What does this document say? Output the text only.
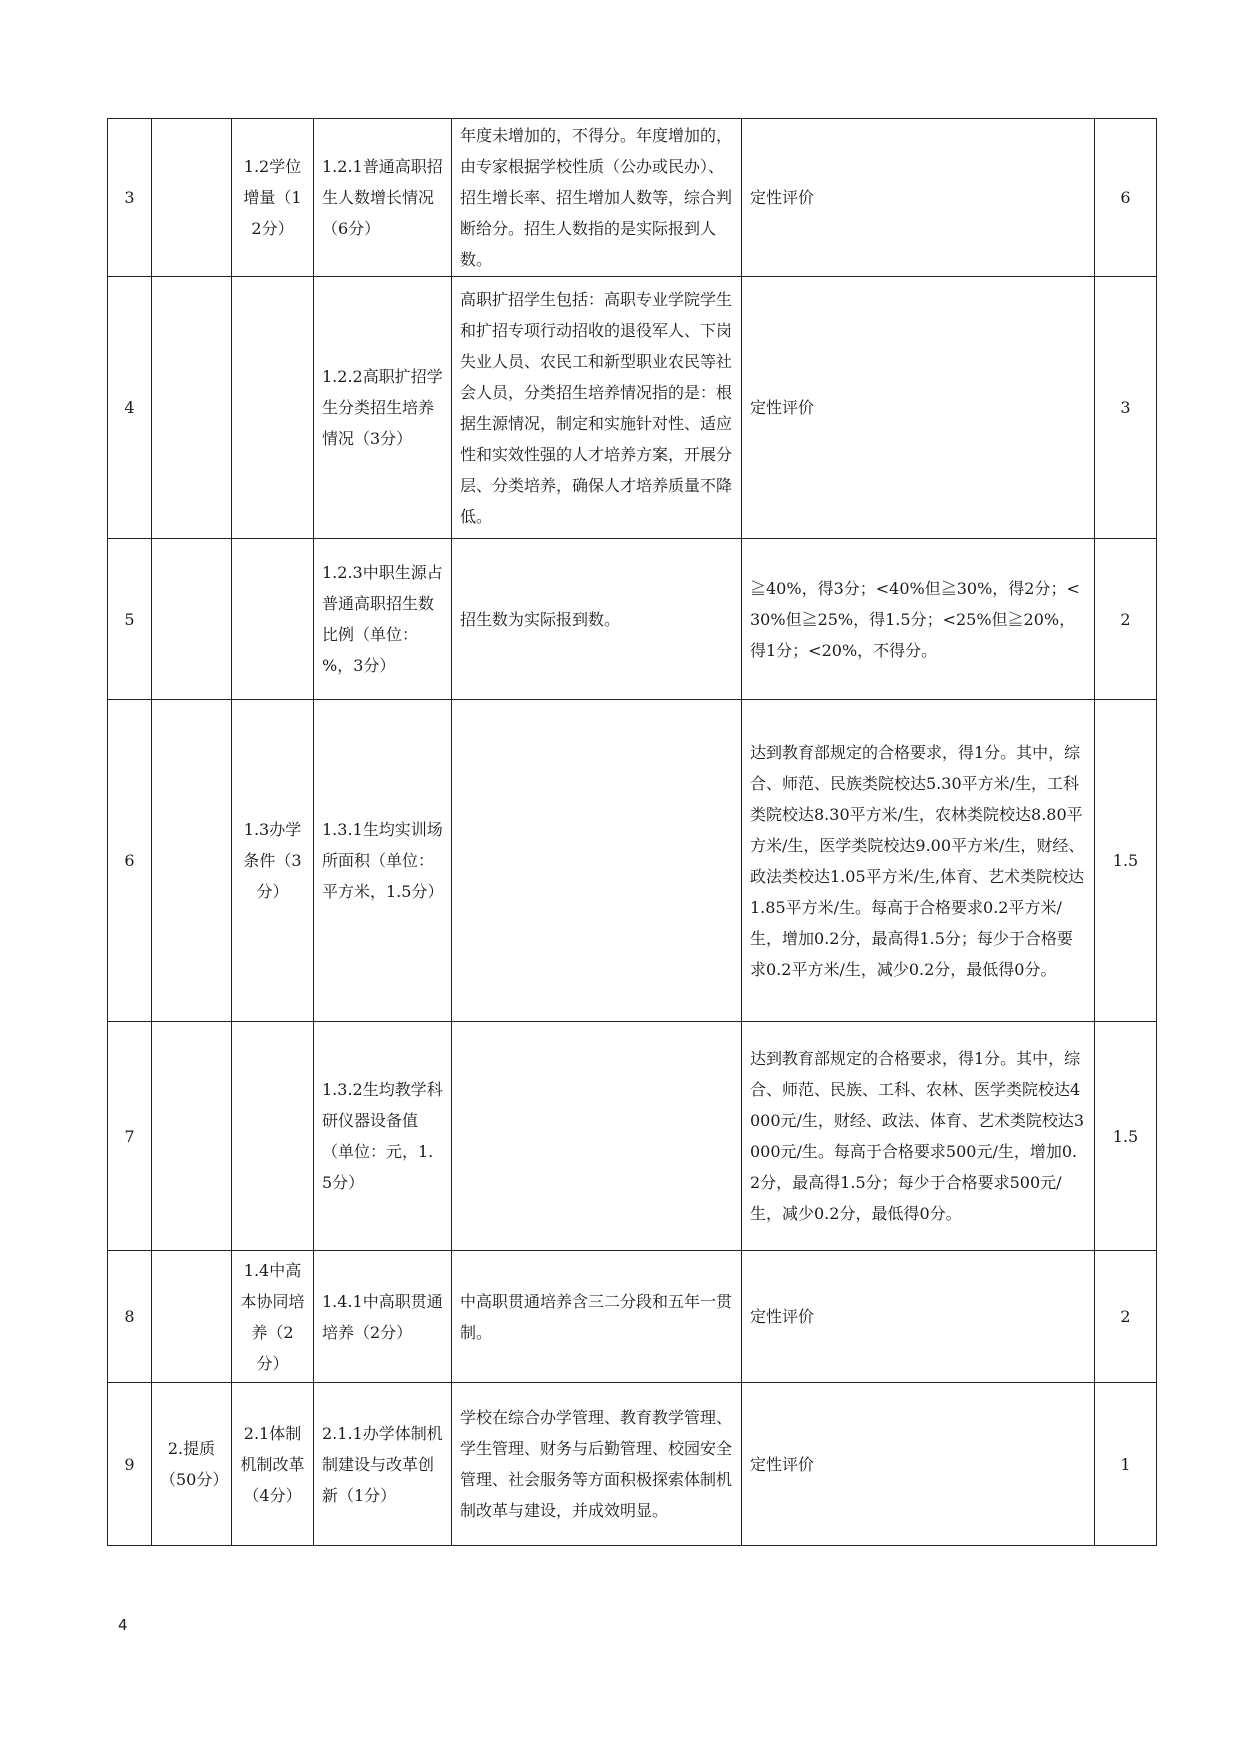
3		1.2学位增量（12分）	1.2.1普通高职招生人数增长情况（6分）	年度未增加的，不得分。年度增加的，由专家根据学校性质（公办或民办）、招生增长率、招生增加人数等，综合判断给分。招生人数指的是实际报到人数。	定性评价	6
4			1.2.2高职扩招学生分类招生培养情况（3分）	高职扩招学生包括：高职专业学院学生和扩招专项行动招收的退役军人、下岗失业人员、农民工和新型职业农民等社会人员，分类招生培养情况指的是：根据生源情况，制定和实施针对性、适应性和实效性强的人才培养方案，开展分层、分类培养，确保人才培养质量不降低。	定性评价	3
5			1.2.3中职生源占普通高职招生数比例（单位：%，3分）	招生数为实际报到数。	≧40%，得3分；<40%但≧30%，得2分；<30%但≧25%，得1.5分；<25%但≧20%，得1分；<20%，不得分。	2
6		1.3办学条件（3分）	1.3.1生均实训场所面积（单位：平方米，1.5分）		达到教育部规定的合格要求，得1分。其中，综合、师范、民族类院校达5.30平方米/生，工科类院校达8.30平方米/生，农林类院校达8.80平方米/生，医学类院校达9.00平方米/生，财经、政法类校达1.05平方米/生,体育、艺术类院校达1.85平方米/生。每高于合格要求0.2平方米/生，增加0.2分，最高得1.5分；每少于合格要求0.2平方米/生，减少0.2分，最低得0分。	1.5
7			1.3.2生均教学科研仪器设备值（单位：元，1.5分）		达到教育部规定的合格要求，得1分。其中，综合、师范、民族、工科、农林、医学类院校达4000元/生，财经、政法、体育、艺术类院校达3000元/生。每高于合格要求500元/生，增加0.2分，最高得1.5分；每少于合格要求500元/生，减少0.2分，最低得0分。	1.5
8		1.4中高本协同培养（2分）	1.4.1中高职贯通培养（2分）	中高职贯通培养含三二分段和五年一贯制。	定性评价	2
9	2.提质（50分）	2.1体制机制改革（4分）	2.1.1办学体制机制建设与改革创新（1分）	学校在综合办学管理、教育教学管理、学生管理、财务与后勤管理、校园安全管理、社会服务等方面积极探索体制机制改革与建设，并成效明显。	定性评价	1
4
